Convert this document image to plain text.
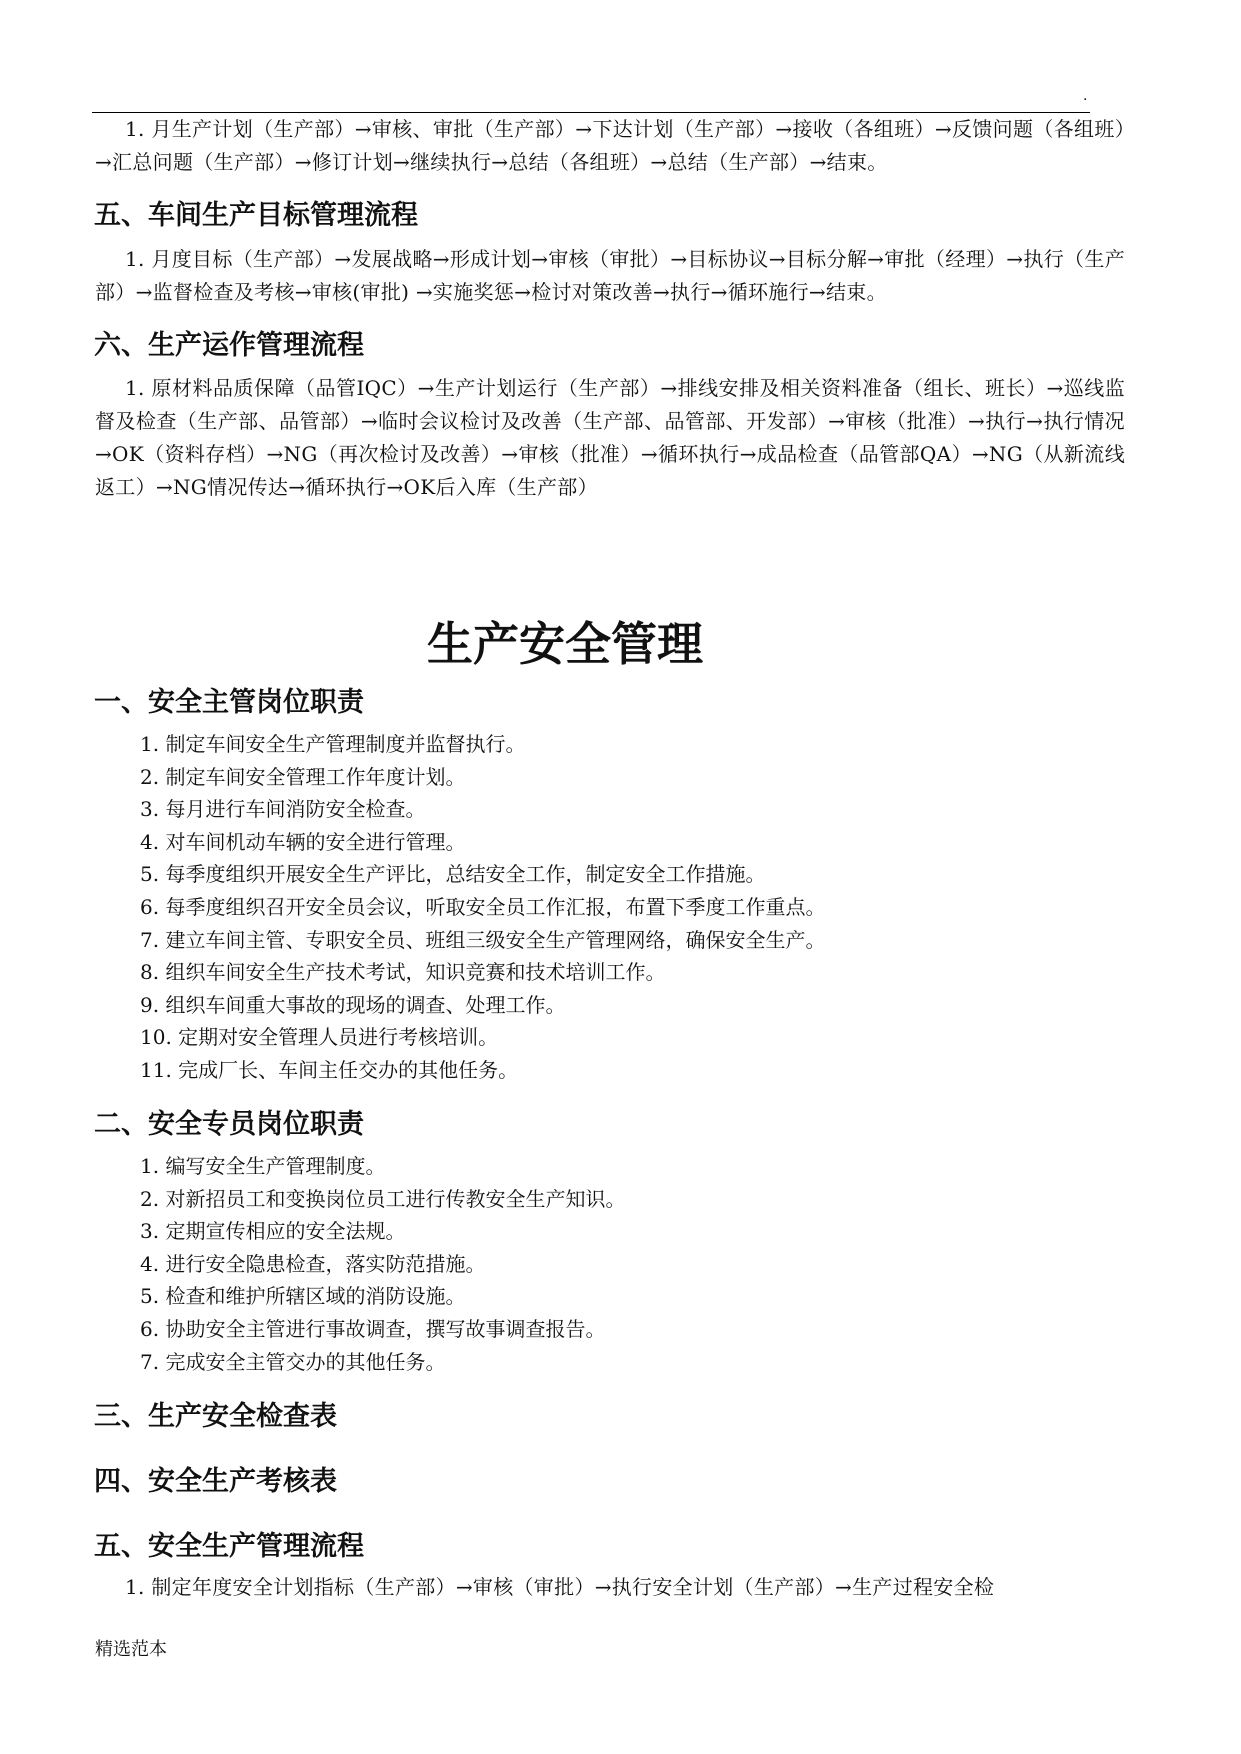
.
1. 月生产计划（生产部）→审核、审批（生产部）→下达计划（生产部）→接收（各组班）→反馈问题（各组班）→汇总问题（生产部）→修订计划→继续执行→总结（各组班）→总结（生产部）→结束。
五、车间生产目标管理流程
1. 月度目标（生产部）→发展战略→形成计划→审核（审批）→目标协议→目标分解→审批（经理）→执行（生产部）→监督检查及考核→审核(审批) →实施奖惩→检讨对策改善→执行→循环施行→结束。
六、生产运作管理流程
1. 原材料品质保障（品管IQC）→生产计划运行（生产部）→排线安排及相关资料准备（组长、班长）→巡线监督及检查（生产部、品管部）→临时会议检讨及改善（生产部、品管部、开发部）→审核（批准）→执行→执行情况→OK（资料存档）→NG（再次检讨及改善）→审核（批准）→循环执行→成品检查（品管部QA）→NG（从新流线返工）→NG情况传达→循环执行→OK后入库（生产部）
生产安全管理
一、安全主管岗位职责
1. 制定车间安全生产管理制度并监督执行。
2. 制定车间安全管理工作年度计划。
3. 每月进行车间消防安全检查。
4. 对车间机动车辆的安全进行管理。
5. 每季度组织开展安全生产评比，总结安全工作，制定安全工作措施。
6. 每季度组织召开安全员会议，听取安全员工作汇报，布置下季度工作重点。
7. 建立车间主管、专职安全员、班组三级安全生产管理网络，确保安全生产。
8. 组织车间安全生产技术考试，知识竞赛和技术培训工作。
9. 组织车间重大事故的现场的调查、处理工作。
10. 定期对安全管理人员进行考核培训。
11. 完成厂长、车间主任交办的其他任务。
二、安全专员岗位职责
1. 编写安全生产管理制度。
2. 对新招员工和变换岗位员工进行传教安全生产知识。
3. 定期宣传相应的安全法规。
4. 进行安全隐患检查，落实防范措施。
5. 检查和维护所辖区域的消防设施。
6. 协助安全主管进行事故调查，撰写故事调查报告。
7. 完成安全主管交办的其他任务。
三、生产安全检查表
四、安全生产考核表
五、安全生产管理流程
1. 制定年度安全计划指标（生产部）→审核（审批）→执行安全计划（生产部）→生产过程安全检
精选范本
